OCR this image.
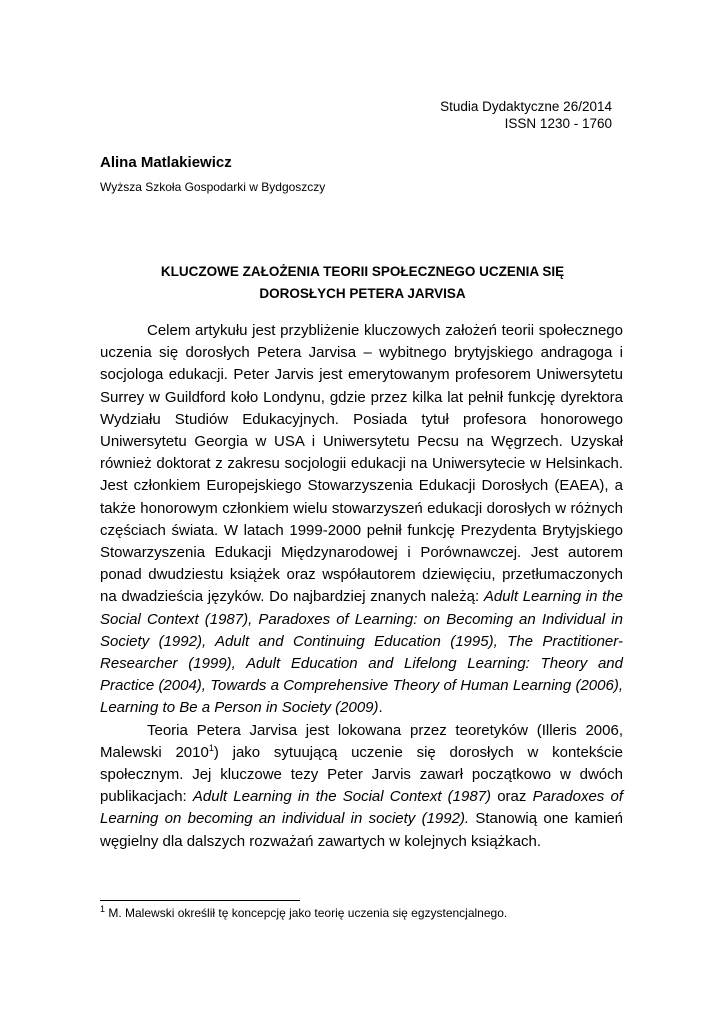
Studia Dydaktyczne 26/2014
ISSN 1230 - 1760
Alina Matlakiewicz
Wyższa Szkoła Gospodarki w Bydgoszczy
KLUCZOWE ZAŁOŻENIA TEORII SPOŁECZNEGO UCZENIA SIĘ
DOROSŁYCH PETERA JARVISA

Celem artykułu jest przybliżenie kluczowych założeń teorii społecznego uczenia się dorosłych Petera Jarvisa – wybitnego brytyjskiego andragoga i socjologa edukacji. Peter Jarvis jest emerytowanym profesorem Uniwersytetu Surrey w Guildford koło Londynu, gdzie przez kilka lat pełnił funkcję dyrektora Wydziału Studiów Edukacyjnych. Posiada tytuł profesora honorowego Uniwersytetu Georgia w USA i Uniwersytetu Pecsu na Węgrzech. Uzyskał również doktorat z zakresu socjologii edukacji na Uniwersytecie w Helsinkach. Jest członkiem Europejskiego Stowarzyszenia Edukacji Dorosłych (EAEA), a także honorowym członkiem wielu stowarzyszeń edukacji dorosłych w różnych częściach świata. W latach 1999-2000 pełnił funkcję Prezydenta Brytyjskiego Stowarzyszenia Edukacji Międzynarodowej i Porównawczej. Jest autorem ponad dwudziestu książek oraz współautorem dziewięciu, przetłumaczonych na dwadzieścia języków. Do najbardziej znanych należą: Adult Learning in the Social Context (1987), Paradoxes of Learning: on Becoming an Individual in Society (1992), Adult and Continuing Education (1995), The Practitioner-Researcher (1999), Adult Education and Lifelong Learning: Theory and Practice (2004), Towards a Comprehensive Theory of Human Learning (2006), Learning to Be a Person in Society (2009).

Teoria Petera Jarvisa jest lokowana przez teoretyków (Illeris 2006, Malewski 2010$^1$) jako sytuującą uczenie się dorosłych w kontekście społecznym. Jej kluczowe tezy Peter Jarvis zawarł początkowo w dwóch publikacjach: Adult Learning in the Social Context (1987) oraz Paradoxes of Learning on becoming an individual in society (1992). Stanowią one kamień węgielny dla dalszych rozważań zawartych w kolejnych książkach.

$^1$ M. Malewski określił tę koncepcję jako teorię uczenia się egzystencjalnego.
